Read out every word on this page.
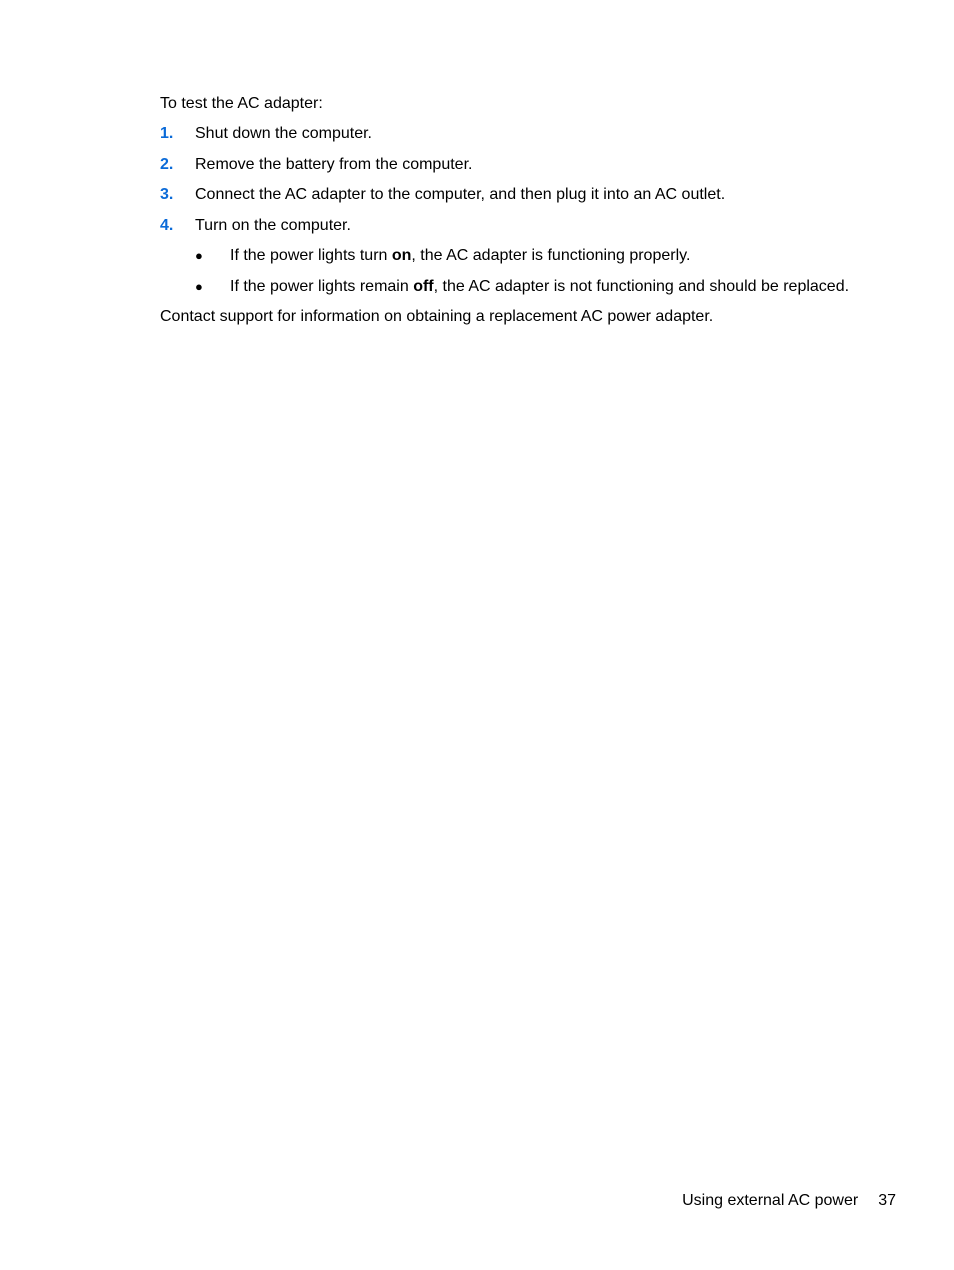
To test the AC adapter:

1. Shut down the computer.
2. Remove the battery from the computer.
3. Connect the AC adapter to the computer, and then plug it into an AC outlet.
4. Turn on the computer.
● If the power lights turn on, the AC adapter is functioning properly.
● If the power lights remain off, the AC adapter is not functioning and should be replaced.

Contact support for information on obtaining a replacement AC power adapter.

Using external AC power 37
